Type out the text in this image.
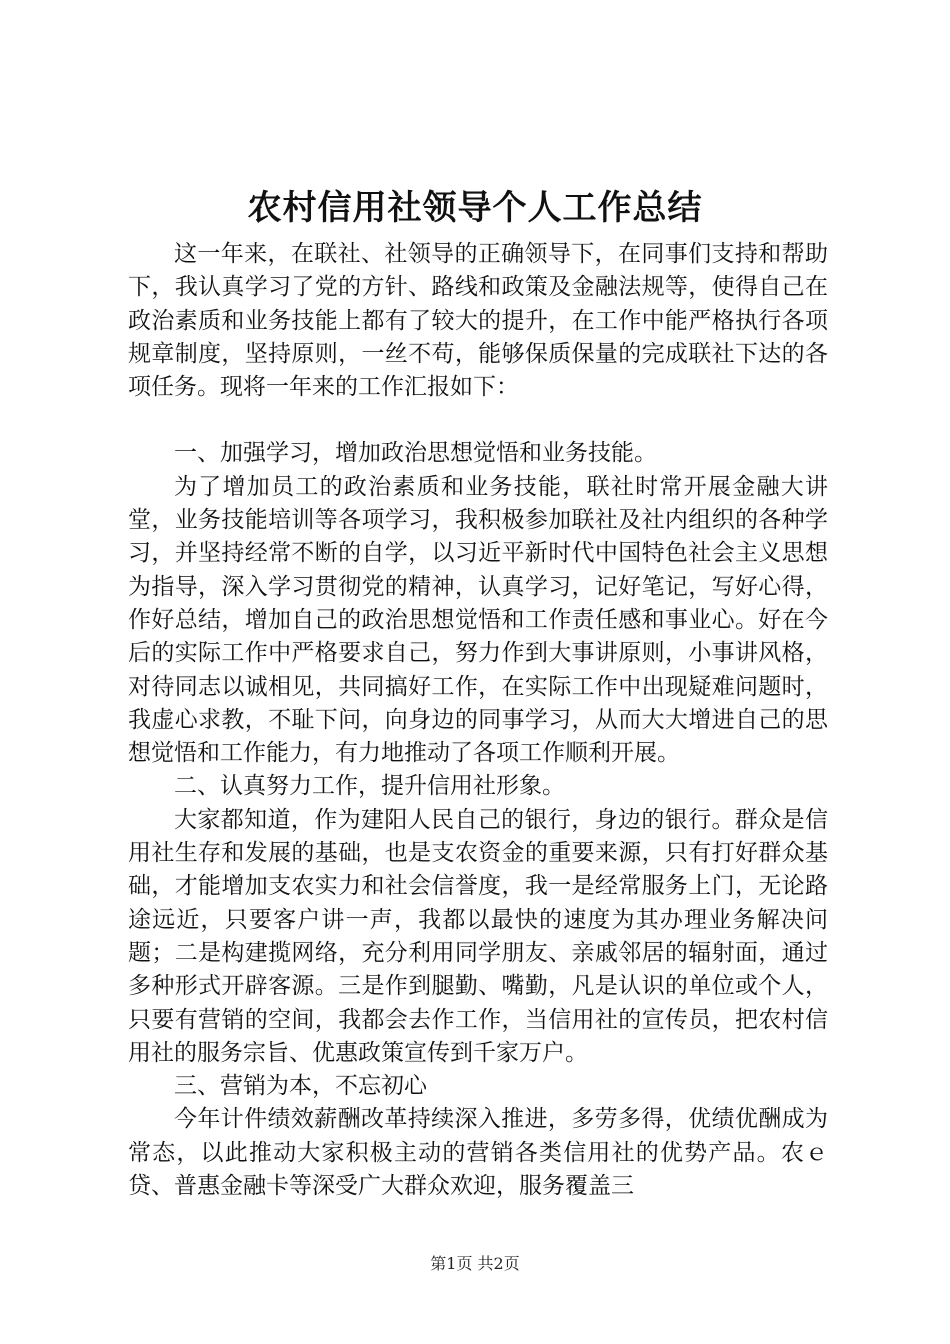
农村信用社领导个人工作总结

这一年来，在联社、社领导的正确领导下，在同事们支持和帮助下，我认真学习了党的方针、路线和政策及金融法规等，使得自己在政治素质和业务技能上都有了较大的提升，在工作中能严格执行各项规章制度，坚持原则，一丝不苟，能够保质保量的完成联社下达的各项任务。现将一年来的工作汇报如下：

一、加强学习，增加政治思想觉悟和业务技能。

为了增加员工的政治素质和业务技能，联社时常开展金融大讲堂，业务技能培训等各项学习，我积极参加联社及社内组织的各种学习，并坚持经常不断的自学，以习近平新时代中国特色社会主义思想为指导，深入学习贯彻党的精神，认真学习，记好笔记，写好心得，作好总结，增加自己的政治思想觉悟和工作责任感和事业心。好在今后的实际工作中严格要求自己，努力作到大事讲原则，小事讲风格，对待同志以诚相见，共同搞好工作，在实际工作中出现疑难问题时，我虚心求教，不耻下问，向身边的同事学习，从而大大增进自己的思想觉悟和工作能力，有力地推动了各项工作顺利开展。

二、认真努力工作，提升信用社形象。

大家都知道，作为建阳人民自己的银行，身边的银行。群众是信用社生存和发展的基础，也是支农资金的重要来源，只有打好群众基础，才能增加支农实力和社会信誉度，我一是经常服务上门，无论路途远近，只要客户讲一声，我都以最快的速度为其办理业务解决问题；二是构建揽网络，充分利用同学朋友、亲戚邻居的辐射面，通过多种形式开辟客源。三是作到腿勤、嘴勤，凡是认识的单位或个人，只要有营销的空间，我都会去作工作，当信用社的宣传员，把农村信用社的服务宗旨、优惠政策宣传到千家万户。

三、营销为本，不忘初心

今年计件绩效薪酬改革持续深入推进，多劳多得，优绩优酬成为常态，以此推动大家积极主动的营销各类信用社的优势产品。农ｅ贷、普惠金融卡等深受广大群众欢迎，服务覆盖三

第1页 共2页
